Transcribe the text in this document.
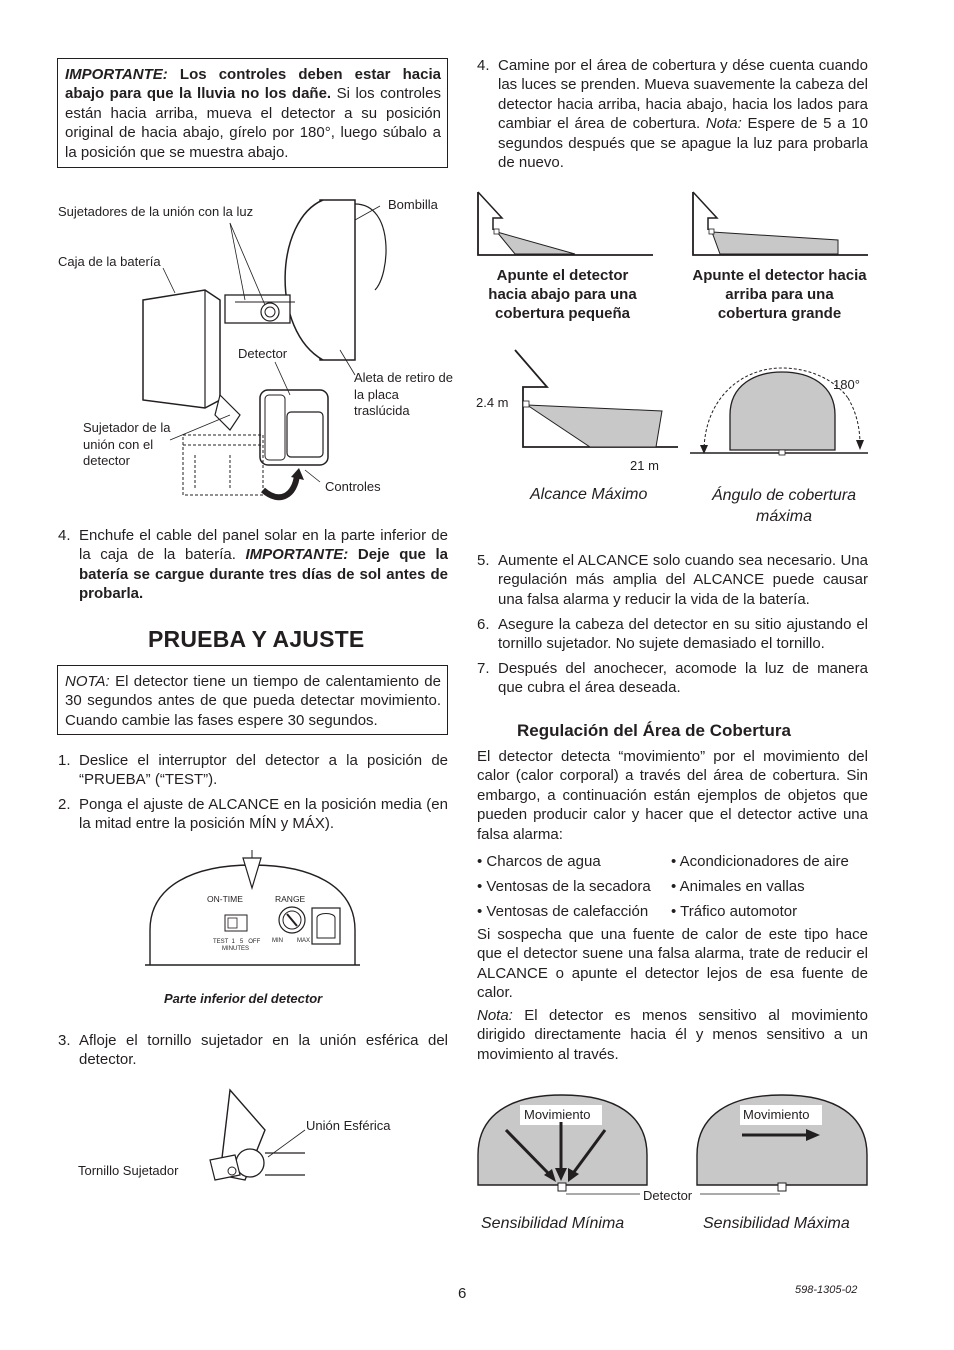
IMPORTANTE: Los controles deben estar hacia abajo para que la lluvia no los dañe. Si los controles están hacia arriba, mueva el detector a su posición original de hacia abajo, gírelo por 180°, luego súbalo a la posición que se muestra abajo.
Sujetadores de la unión con la luz	Bombilla
Caja de la batería
Detector
Aleta de retiro de la placa traslúcida
Sujetador de la unión con el detector
Controles
4. Enchufe el cable del panel solar en la parte inferior de la caja de la batería. IMPORTANTE: Deje que la batería se cargue durante tres días de sol antes de probarla.
PRUEBA Y AJUSTE
NOTA: El detector tiene un tiempo de calentamiento de 30 segundos antes de que pueda detectar movimiento. Cuando cambie las fases espere 30 segundos.
1. Deslice el interruptor del detector a la posición de “PRUEBA” (“TEST”).
2. Ponga el ajuste de ALCANCE en la posición media (en la mitad entre la posición MÍN y MÁX).
ON-TIME	RANGE
TEST  1   5   OFF
MINUTES
MIN MAX
Parte inferior del detector
3. Afloje el tornillo sujetador en la unión esférica del detector.
Unión Esférica
Tornillo Sujetador
4. Camine por el área de cobertura y dése cuenta cuando las luces se prenden. Mueva suavemente la cabeza del detector hacia arriba, hacia abajo, hacia los lados para cambiar el área de cobertura. Nota: Espere de 5 a 10 segundos después que se apague la luz para probarla de nuevo.
Apunte el detector hacia abajo para una cobertura pequeña
Apunte el detector hacia arriba para una cobertura grande
2.4 m
21 m
Alcance Máximo
180°
Ángulo de cobertura máxima
5. Aumente el ALCANCE solo cuando sea necesario. Una regulación más amplia del ALCANCE puede causar una falsa alarma y reducir la vida de la batería.
6. Asegure la cabeza del detector en su sitio ajustando el tornillo sujetador. No sujete demasiado el tornillo.
7. Después del anochecer, acomode la luz de manera que cubra el área deseada.
Regulación del Área de Cobertura
El detector detecta “movimiento” por el movimiento del calor (calor corporal) a través del área de cobertura. Sin embargo, a continuación están ejemplos de objetos que pueden producir calor y hacer que el detector active una falsa alarma:
• Charcos de agua
• Ventosas de la secadora
• Ventosas de calefacción
• Acondicionadores de aire
• Animales en vallas
• Tráfico automotor
Si sospecha que una fuente de calor de este tipo hace que el detector suene una falsa alarma, trate de reducir el ALCANCE o apunte el detector lejos de esa fuente de calor.
Nota: El detector es menos sensitivo al movimiento dirigido directamente hacia él y menos sensitivo a un movimiento al través.
Movimiento	Movimiento
Detector
Sensibilidad Mínima	Sensibilidad Máxima
6	598-1305-02
